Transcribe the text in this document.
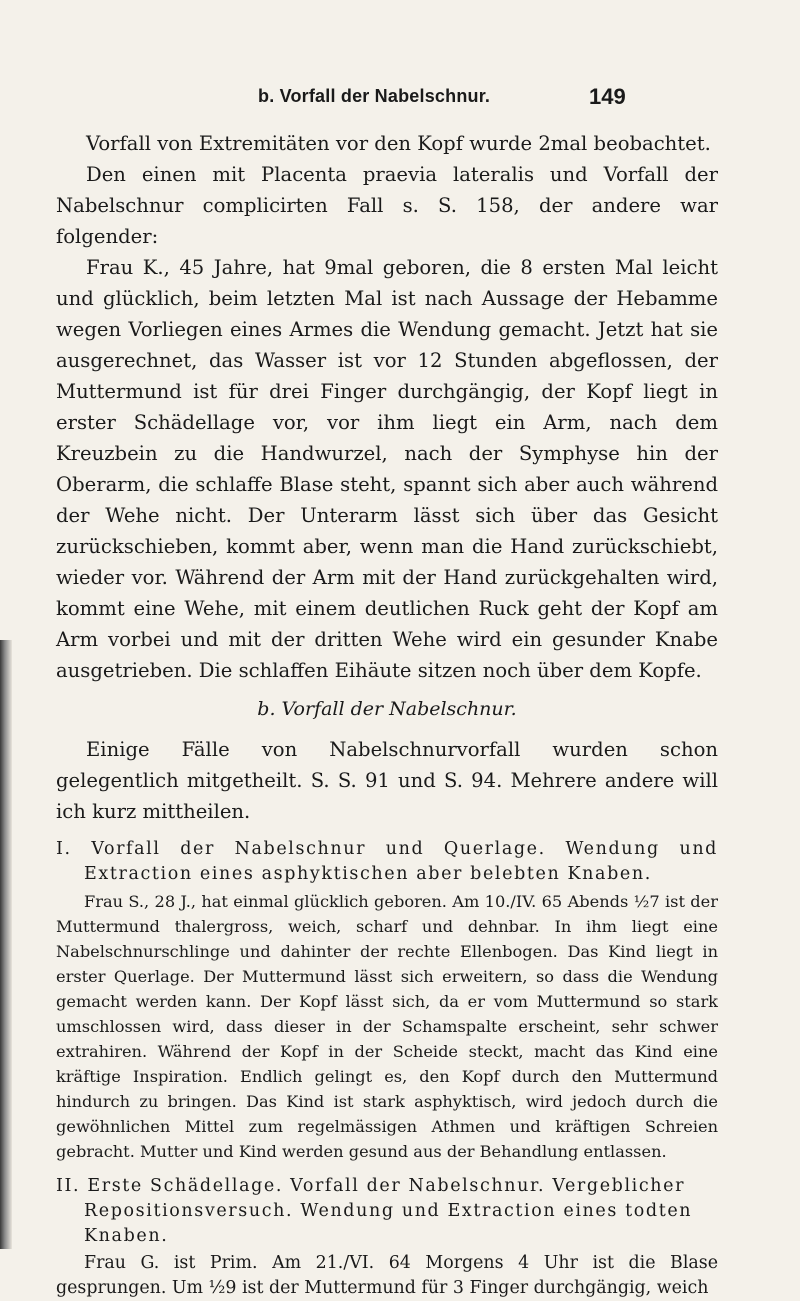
b. Vorfall der Nabelschnur.	149

Vorfall von Extremitäten vor den Kopf wurde 2mal beobachtet.

Den einen mit Placenta praevia lateralis und Vorfall der Nabelschnur complicirten Fall s. S. 158, der andere war folgender:

Frau K., 45 Jahre, hat 9mal geboren, die 8 ersten Mal leicht und glücklich, beim letzten Mal ist nach Aussage der Hebamme wegen Vorliegen eines Armes die Wendung gemacht. Jetzt hat sie ausgerechnet, das Wasser ist vor 12 Stunden abgeflossen, der Muttermund ist für drei Finger durchgängig, der Kopf liegt in erster Schädellage vor, vor ihm liegt ein Arm, nach dem Kreuzbein zu die Handwurzel, nach der Symphyse hin der Oberarm, die schlaffe Blase steht, spannt sich aber auch während der Wehe nicht. Der Unterarm lässt sich über das Gesicht zurückschieben, kommt aber, wenn man die Hand zurückschiebt, wieder vor. Während der Arm mit der Hand zurückgehalten wird, kommt eine Wehe, mit einem deutlichen Ruck geht der Kopf am Arm vorbei und mit der dritten Wehe wird ein gesunder Knabe ausgetrieben. Die schlaffen Eihäute sitzen noch über dem Kopfe.

b. Vorfall der Nabelschnur.

Einige Fälle von Nabelschnurvorfall wurden schon gelegentlich mitgetheilt. S. S. 91 und S. 94. Mehrere andere will ich kurz mittheilen.

I. Vorfall der Nabelschnur und Querlage. Wendung und Extraction eines asphyktischen aber belebten Knaben.

Frau S., 28 J., hat einmal glücklich geboren. Am 10./IV. 65 Abends ½7 ist der Muttermund thalergross, weich, scharf und dehnbar. In ihm liegt eine Nabelschnurschlinge und dahinter der rechte Ellenbogen. Das Kind liegt in erster Querlage. Der Muttermund lässt sich erweitern, so dass die Wendung gemacht werden kann. Der Kopf lässt sich, da er vom Muttermund so stark umschlossen wird, dass dieser in der Schamspalte erscheint, sehr schwer extrahiren. Während der Kopf in der Scheide steckt, macht das Kind eine kräftige Inspiration. Endlich gelingt es, den Kopf durch den Muttermund hindurch zu bringen. Das Kind ist stark asphyktisch, wird jedoch durch die gewöhnlichen Mittel zum regelmässigen Athmen und kräftigen Schreien gebracht. Mutter und Kind werden gesund aus der Behandlung entlassen.

II. Erste Schädellage. Vorfall der Nabelschnur. Vergeblicher Repositionsversuch. Wendung und Extraction eines todten Knaben.

Frau G. ist Prim. Am 21./VI. 64 Morgens 4 Uhr ist die Blase gesprungen. Um ½9 ist der Muttermund für 3 Finger durchgängig, weich
